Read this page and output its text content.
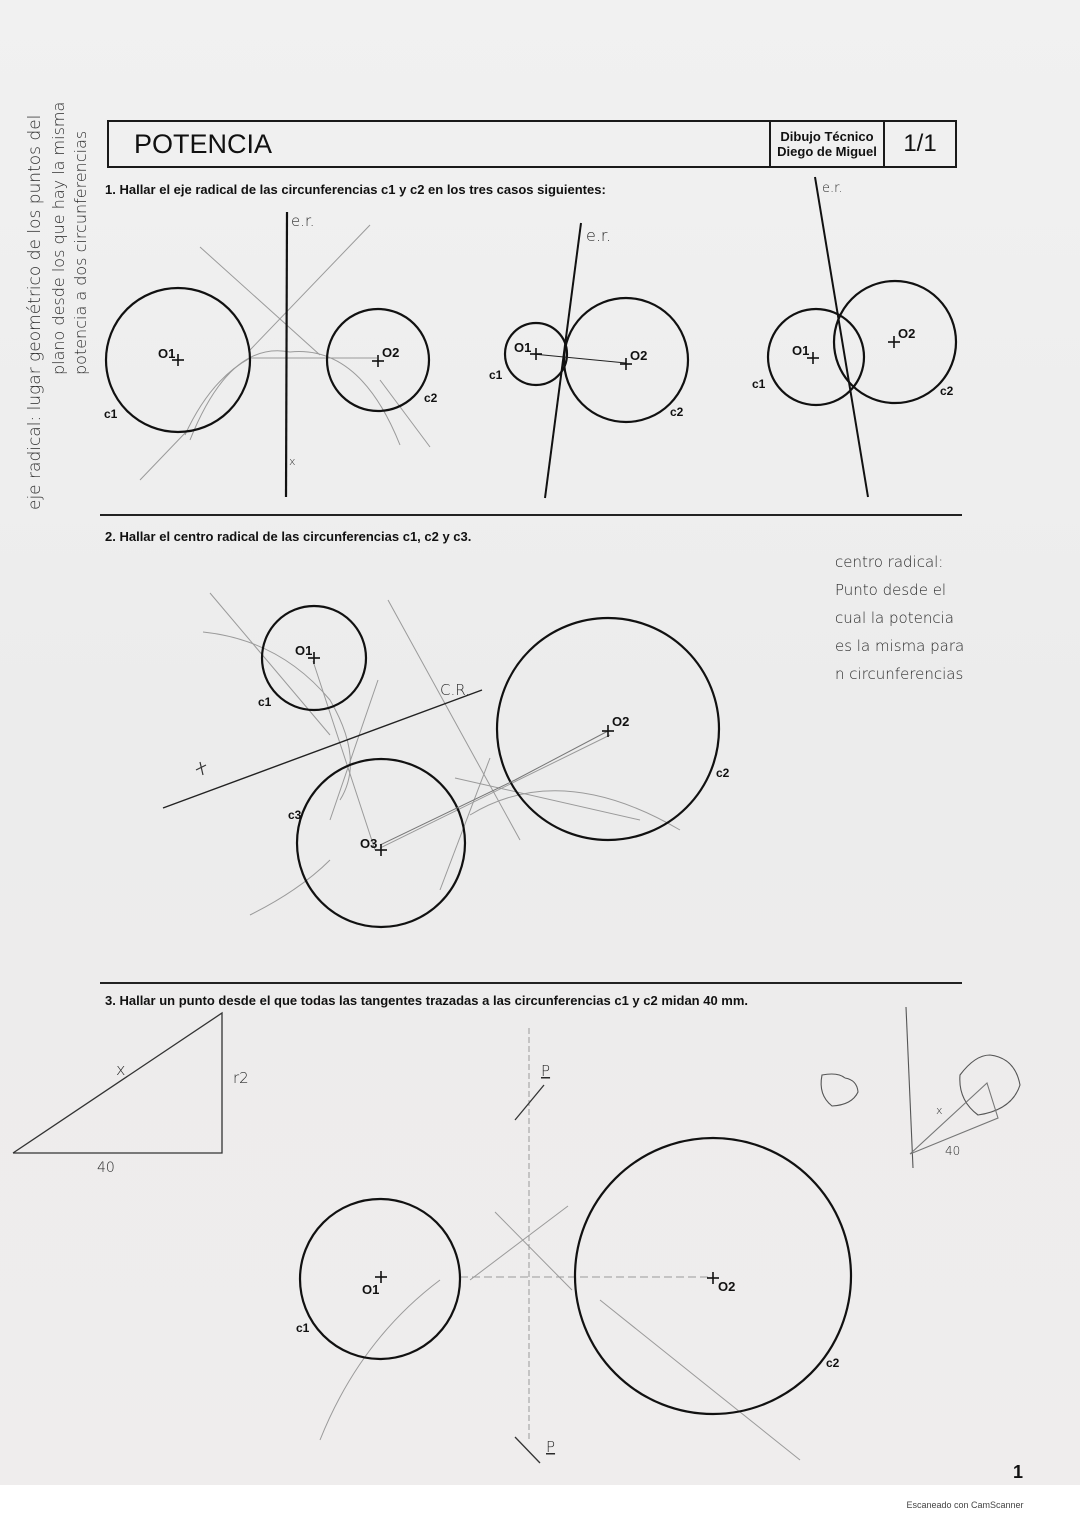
POTENCIA	Dibujo Técnico
Diego de Miguel	1/1
1. Hallar el eje radical de las circunferencias c1 y c2 en los tres casos siguientes:
2. Hallar el centro radical de las circunferencias c1, c2 y c3.
3. Hallar un punto desde el que todas las tangentes trazadas a las circunferencias c1 y c2 midan 40 mm.
centro radical:
Punto desde el
cual la potencia
es la misma para
n circunferencias
eje radical: lugar geométrico de los puntos del plano desde los que hay la misma potencia a dos circunferencias	O1	O2
c1
c2
e.r.
x
O1
O2
c1
c2
e.r.
O1
O2
c1	c2
e.r.
O1
O2
O3
c1
c2
c3
C.R.
x	r2
40
O1	O2
c1
c2
P
P
x
40
1
Escaneado con CamScanner
